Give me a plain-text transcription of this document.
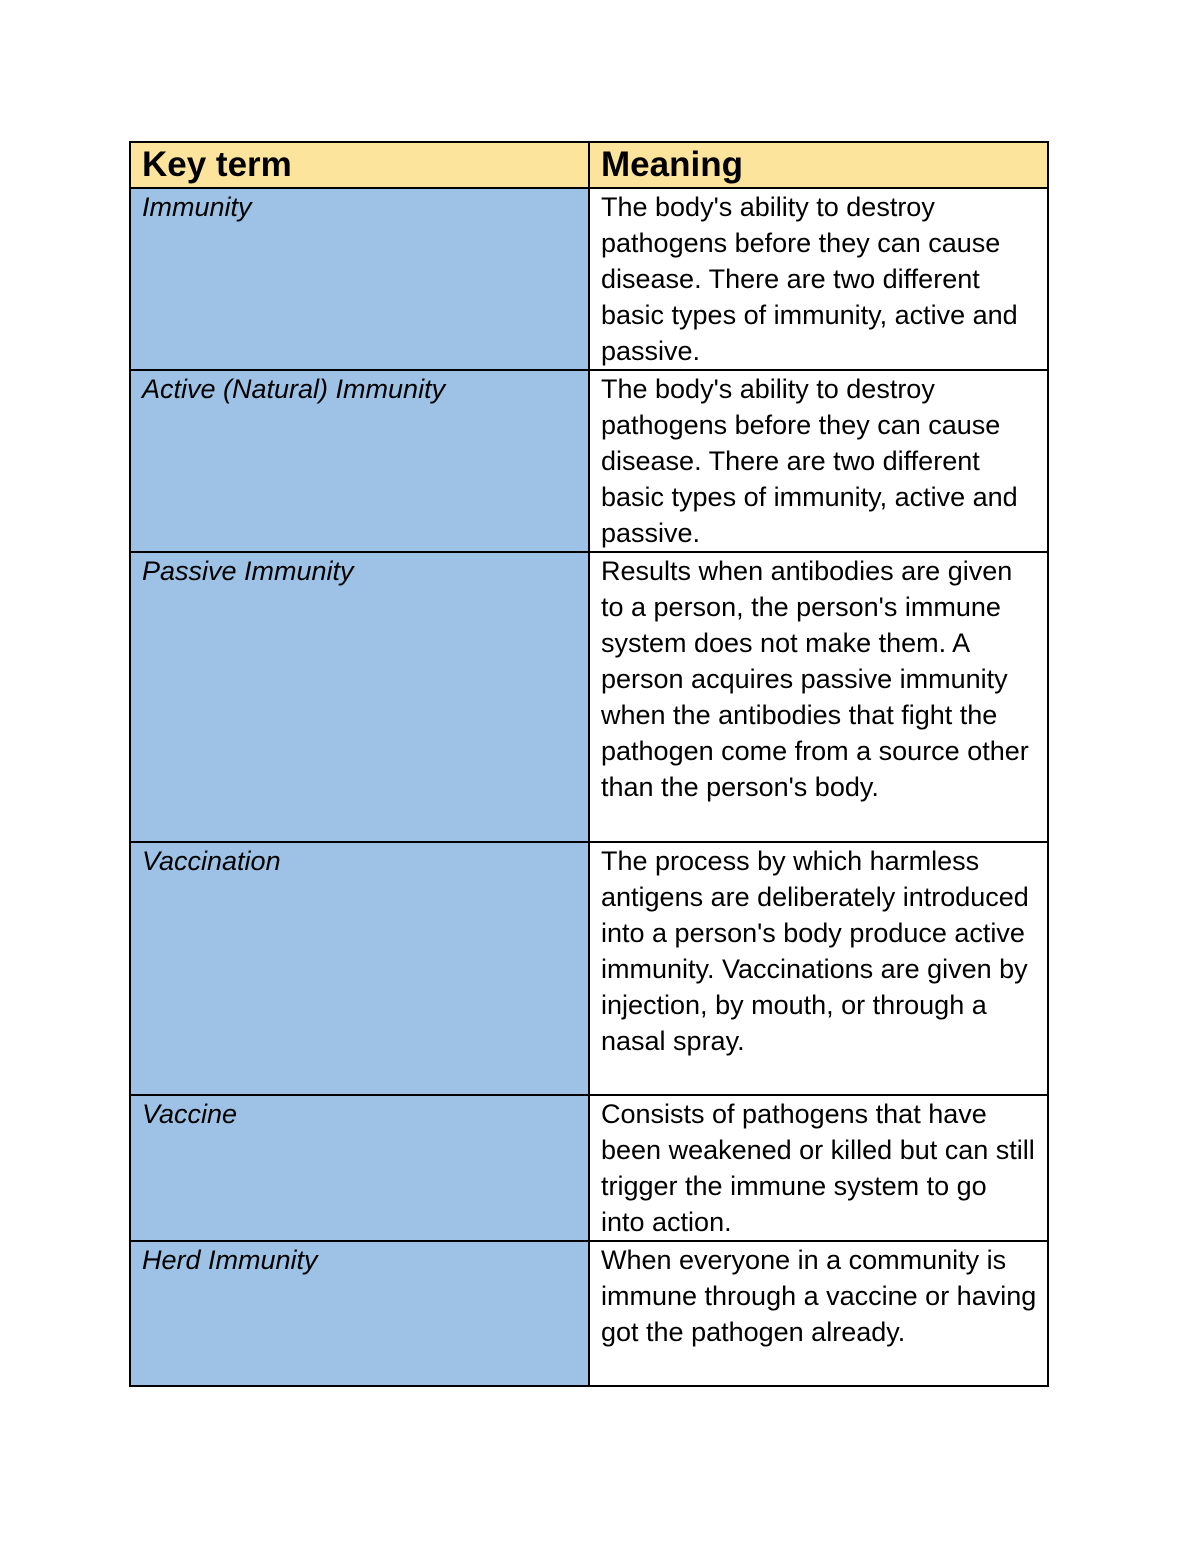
Key term	Meaning
Immunity	The body's ability to destroy pathogens before they can cause disease. There are two different basic types of immunity, active and passive.
Active (Natural) Immunity	The body's ability to destroy pathogens before they can cause disease. There are two different basic types of immunity, active and passive.
Passive Immunity	Results when antibodies are given to a person, the person's immune system does not make them. A person acquires passive immunity when the antibodies that fight the pathogen come from a source other than the person's body.
Vaccination	The process by which harmless antigens are deliberately introduced into a person's body produce active immunity. Vaccinations are given by injection, by mouth, or through a nasal spray.
Vaccine	Consists of pathogens that have been weakened or killed but can still trigger the immune system to go into action.
Herd Immunity	When everyone in a community is immune through a vaccine or having got the pathogen already.
